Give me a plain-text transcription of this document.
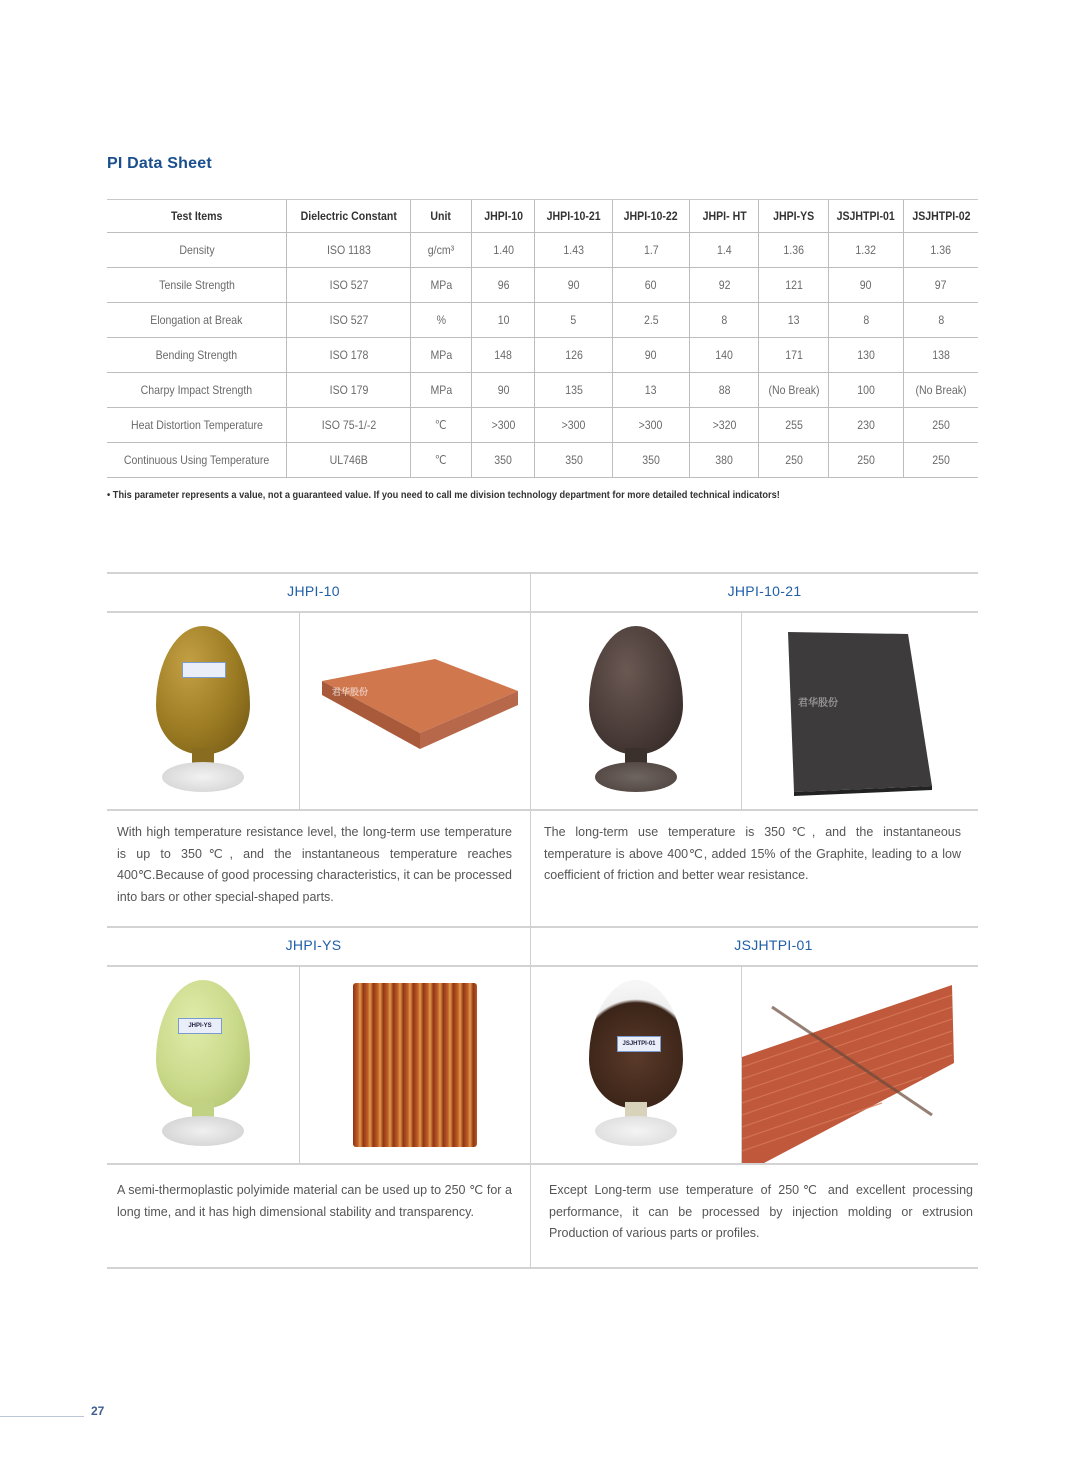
PI Data Sheet
Test Items	Dielectric Constant	Unit	JHPI-10	JHPI-10-21	JHPI-10-22	JHPI- HT	JHPI-YS	JSJHTPI-01	JSJHTPI-02
Density	ISO 1183	g/cm³	1.40	1.43	1.7	1.4	1.36	1.32	1.36
Tensile Strength	ISO 527	MPa	96	90	60	92	121	90	97
Elongation at Break	ISO 527	%	10	5	2.5	8	13	8	8
Bending Strength	ISO 178	MPa	148	126	90	140	171	130	138
Charpy Impact Strength	ISO 179	MPa	90	135	13	88	(No Break)	100	(No Break)
Heat Distortion Temperature	ISO 75-1/-2	℃	>300	>300	>300	>320	255	230	250
Continuous Using Temperature	UL746B	℃	350	350	350	380	250	250	250
• This parameter represents a value, not a guaranteed value. If you need to call me division technology department for more detailed technical indicators!
JHPI-10
君华股份
With high temperature resistance level, the long-term use temperature is up to 350℃, and the instantaneous temperature reaches 400℃.Because of good processing characteristics, it can be processed into bars or other special-shaped parts.
JHPI-10-21
君华股份
The long-term use temperature is 350℃, and the instantaneous temperature is above 400℃, added 15% of the Graphite, leading to a low coefficient of friction and better wear resistance.
JHPI-YS
JHPI-YS
A semi-thermoplastic polyimide material can be used up to 250 ℃ for a long time, and it has high dimensional stability and transparency.
JSJHTPI-01
JSJHTPI-01
Except Long-term use temperature of 250℃ and excellent processing performance, it can be processed by injection molding or extrusion Production of various parts or profiles.
27
